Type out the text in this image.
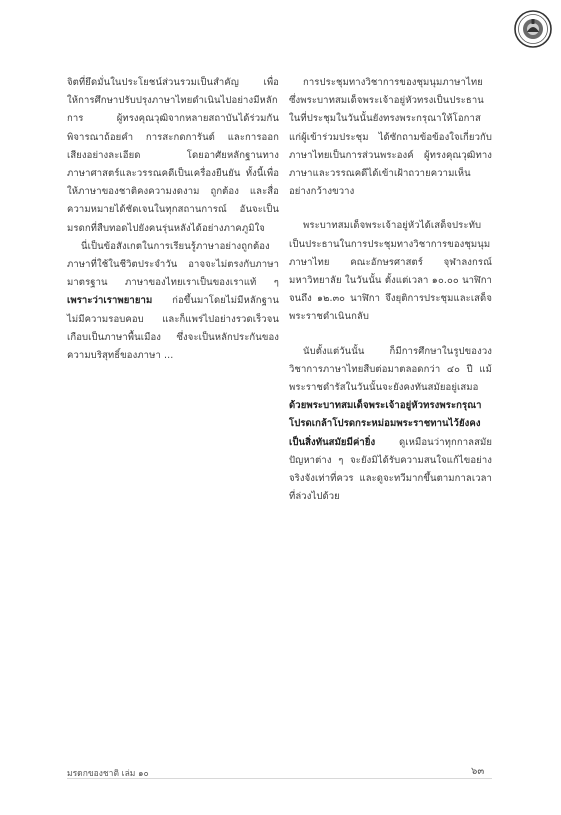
จิตที่ยึดมั่นในประโยชน์ส่วนรวมเป็นสำคัญ เพื่อให้การศึกษาปรับปรุงภาษาไทยดำเนินไปอย่างมีหลักการ ผู้ทรงคุณวุฒิจากหลายสถาบันได้ร่วมกันพิจารณาถ้อยคำ การสะกดการันต์ และการออกเสียงอย่างละเอียด โดยอาศัยหลักฐานทางภาษาศาสตร์และวรรณคดีเป็นเครื่องยืนยัน ทั้งนี้เพื่อให้ภาษาของชาติคงความงดงาม ถูกต้อง และสื่อความหมายได้ชัดเจนในทุกสถานการณ์ อันจะเป็นมรดกที่สืบทอดไปยังคนรุ่นหลังได้อย่างภาคภูมิใจ

นี่เป็นข้อสังเกตในการเรียนรู้ภาษาอย่างถูกต้อง ภาษาที่ใช้ในชีวิตประจำวัน อาจจะไม่ตรงกับภาษามาตรฐาน ภาษาของไทยเราเป็นของเราแท้ ๆ เพราะว่าเราพยายาม ก่อขึ้นมาโดยไม่มีหลักฐาน ไม่มีความรอบคอบ และก็แพร่ไปอย่างรวดเร็วจนเกือบเป็นภาษาพื้นเมือง ซึ่งจะเป็นหลักประกันของความบริสุทธิ์ของภาษา ...

การประชุมทางวิชาการของชุมนุมภาษาไทย ซึ่งพระบาทสมเด็จพระเจ้าอยู่หัวทรงเป็นประธาน ในที่ประชุมในวันนั้นยังทรงพระกรุณาให้โอกาสแก่ผู้เข้าร่วมประชุม ได้ซักถามข้อข้องใจเกี่ยวกับภาษาไทยเป็นการส่วนพระองค์ ผู้ทรงคุณวุฒิทางภาษาและวรรณคดีได้เข้าเฝ้าถวายความเห็นอย่างกว้างขวาง

พระบาทสมเด็จพระเจ้าอยู่หัวได้เสด็จประทับเป็นประธานในการประชุมทางวิชาการของชุมนุมภาษาไทย คณะอักษรศาสตร์ จุฬาลงกรณ์มหาวิทยาลัย ในวันนั้น ตั้งแต่เวลา ๑๐.๐๐ นาฬิกาจนถึง ๑๒.๓๐ นาฬิกา จึงยุติการประชุมและเสด็จพระราชดำเนินกลับ

นับตั้งแต่วันนั้น ก็มีการศึกษาในรูปของวงวิชาการภาษาไทยสืบต่อมาตลอดกว่า ๔๐ ปี แม้พระราชดำรัสในวันนั้นจะยังคงทันสมัยอยู่เสมอ ด้วยพระบาทสมเด็จพระเจ้าอยู่หัวทรงพระกรุณาโปรดเกล้าโปรดกระหม่อมพระราชทานไว้ยังคงเป็นสิ่งทันสมัยมีค่ายิ่ง	ดูเหมือนว่าทุกกาลสมัย ปัญหาต่าง ๆ จะยังมิได้รับความสนใจแก้ไขอย่างจริงจังเท่าที่ควร และดูจะทวีมากขึ้นตามกาลเวลาที่ล่วงไปด้วย

มรดกของชาติ เล่ม ๑๐	๖๓
